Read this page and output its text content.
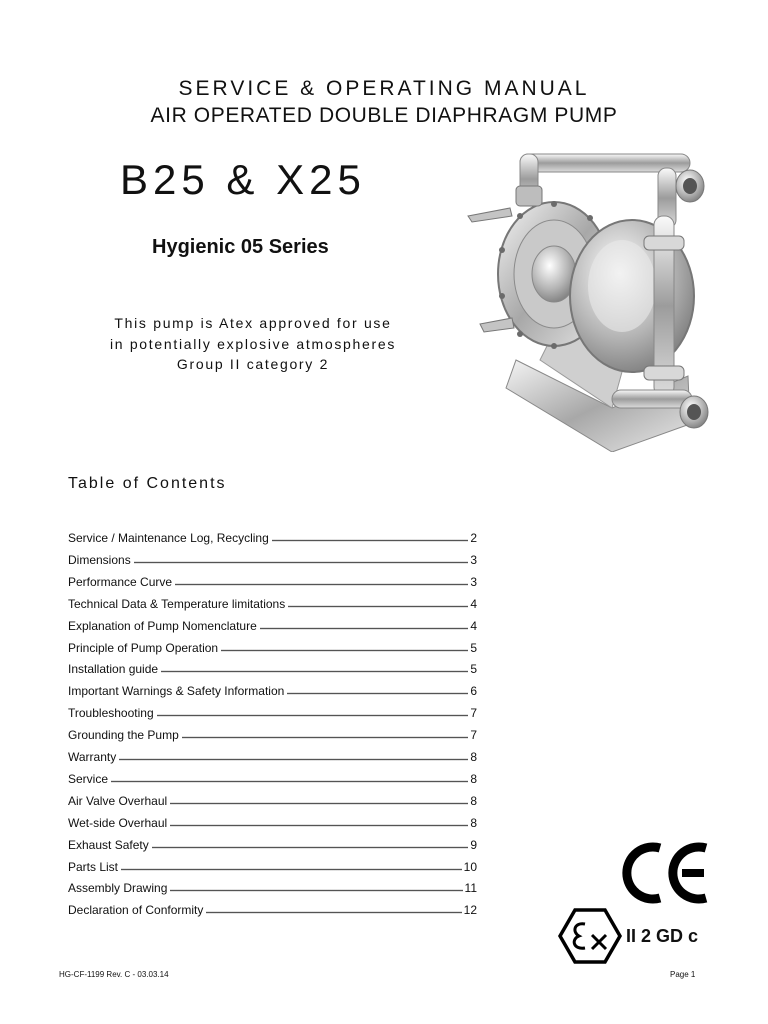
SERVICE & OPERATING MANUAL
AIR OPERATED DOUBLE DIAPHRAGM PUMP
B25 & X25
Hygienic 05 Series
This pump is Atex approved for use
in potentially explosive atmospheres
Group II category 2
Table of Contents
Service / Maintenance Log, Recycling	2
Dimensions	3
Performance Curve	3
Technical Data & Temperature limitations	4
Explanation of Pump Nomenclature	4
Principle of Pump Operation	5
Installation guide	5
Important Warnings & Safety Information	6
Troubleshooting	7
Grounding the Pump	7
Warranty	8
Service	8
Air Valve Overhaul	8
Wet-side Overhaul	8
Exhaust Safety	9
Parts List	10
Assembly Drawing	11
Declaration of Conformity	12
II 2 GD c
HG-CF-1199 Rev. C - 03.03.14	Page 1
